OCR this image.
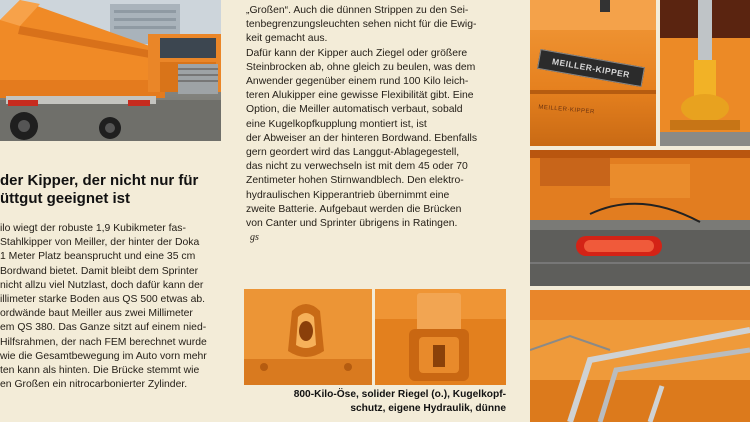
der Kipper, der nicht nur für
üttgut geeignet ist
ilo wiegt der robuste 1,9 Kubikmeter fas-
Stahlkipper von Meiller, der hinter der Doka
1 Meter Platz beansprucht und eine 35 cm
Bordwand bietet. Damit bleibt dem Sprinter
nicht allzu viel Nutzlast, doch dafür kann der
illimeter starke Boden aus QS 500 etwas ab.
ordwände baut Meiller aus zwei Millimeter
em QS 380. Das Ganze sitzt auf einem nied-
Hilfsrahmen, der nach FEM berechnet wurde
wie die Gesamtbewegung im Auto vorn mehr
ten kann als hinten. Die Brücke stemmt wie
en Großen ein nitrocarbonierter Zylinder.
„Großen“. Auch die dünnen Strippen zu den Sei-
tenbegrenzungsleuchten sehen nicht für die Ewig-
keit gemacht aus.
Dafür kann der Kipper auch Ziegel oder größere
Steinbrocken ab, ohne gleich zu beulen, was dem
Anwender gegenüber einem rund 100 Kilo leich-
teren Alukipper eine gewisse Flexibilität gibt. Eine
Option, die Meiller automatisch verbaut, sobald
eine Kugelkopfkupplung montiert ist, ist
der Abweiser an der hinteren Bordwand. Ebenfalls
gern geordert wird das Langgut-Ablagegestell,
das nicht zu verwechseln ist mit dem 45 oder 70
Zentimeter hohen Stirnwandblech. Den elektro-
hydraulischen Kipperantrieb übernimmt eine
zweite Batterie. Aufgebaut werden die Brücken
von Canter und Sprinter übrigens in Ratingen.
gs
800-Kilo-Öse, solider Riegel (o.), Kugelkopf-
schutz, eigene Hydraulik, dünne
MEILLER-KIPPER
MEILLER·KIPPER
